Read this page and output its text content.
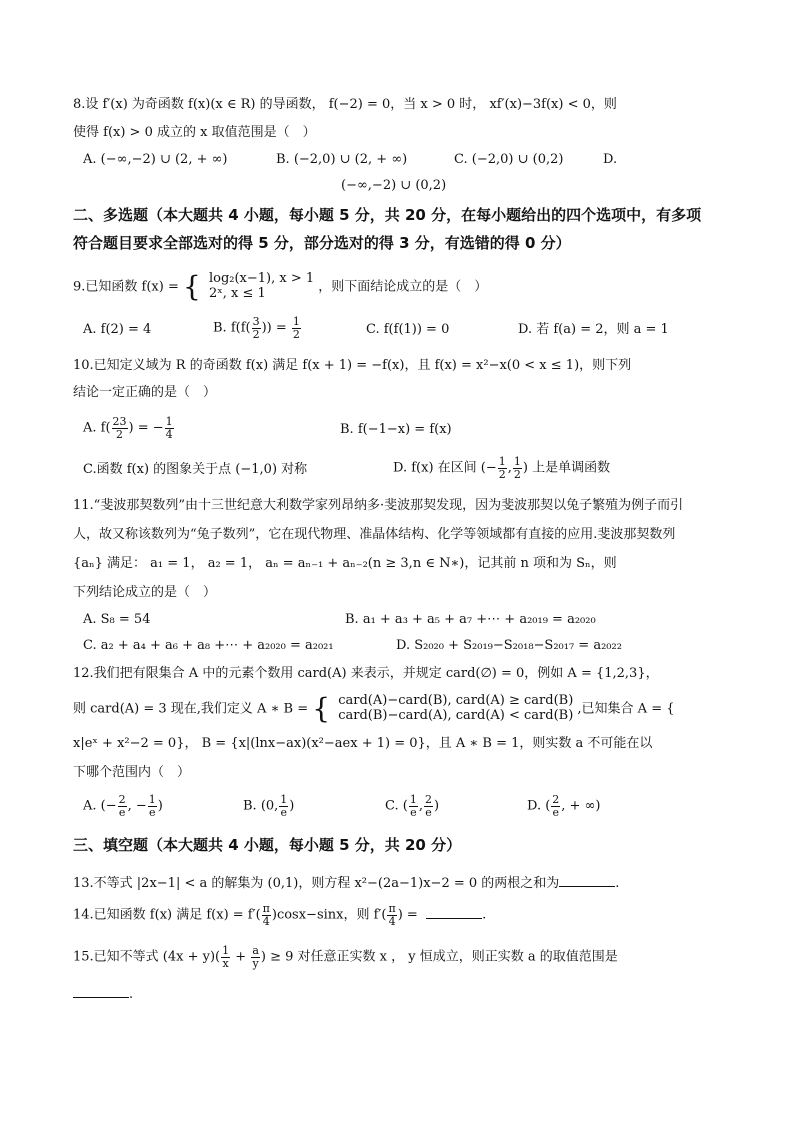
8.设 f′(x) 为奇函数 f(x)(x ∈ R) 的导函数， f(−2) = 0，当 x > 0 时， xf′(x)−3f(x) < 0，则
使得 f(x) > 0 成立的 x 取值范围是（　）
A. (−∞,−2) ∪ (2, + ∞)	B. (−2,0) ∪ (2, + ∞)	C. (−2,0) ∪ (0,2)	D.
(−∞,−2) ∪ (0,2)
二、多选题（本大题共 4 小题，每小题 5 分，共 20 分，在每小题给出的四个选项中，有多项
符合题目要求全部选对的得 5 分，部分选对的得 3 分，有选错的得 0 分）
9.已知函数 f(x) = { log₂(x−1), x > 1
2ˣ, x ≤ 1	，则下面结论成立的是（　）
A. f(2) = 4	B. $f(f( \frac{3}{2}$ )) = $\frac{1}{2}$	C. f(f(1)) = 0	D. 若 f(a) = 2，则 a = 1
10.已知定义域为 R 的奇函数 f(x) 满足 f(x + 1) = −f(x)，且 f(x) = x²−x(0 < x ≤ 1)，则下列
结论一定正确的是（　）
A. $f( \frac{23}{2}$ ) = − $\frac{1}{4}$	B. f(−1−x) = f(x)
C.函数 f(x) 的图象关于点 (−1,0) 对称	D. f(x) 在区间 (− $\frac{1}{2}$ , $\frac{1}{2}$ ) 上是单调函数
11.“斐波那契数列”由十三世纪意大利数学家列昂纳多·斐波那契发现，因为斐波那契以兔子繁殖为例子而引
人，故又称该数列为“兔子数列”，它在现代物理、准晶体结构、化学等领域都有直接的应用.斐波那契数列
{aₙ} 满足： a₁ = 1， a₂ = 1， aₙ = aₙ₋₁ + aₙ₋₂(n ≥ 3,n ∈ N∗)，记其前 n 项和为 Sₙ，则
下列结论成立的是（　）
A. S₈ = 54	B. a₁ + a₃ + a₅ + a₇ +⋯ + a₂₀₁₉ = a₂₀₂₀
C. a₂ + a₄ + a₆ + a₈ +⋯ + a₂₀₂₀ = a₂₀₂₁	D. S₂₀₂₀ + S₂₀₁₉−S₂₀₁₈−S₂₀₁₇ = a₂₀₂₂
12.我们把有限集合 A 中的元素个数用 card(A) 来表示，并规定 card(∅) = 0，例如 A = {1,2,3}，
则 card(A) = 3 现在,我们定义 A ∗ B = { card(A)−card(B), card(A) ≥ card(B)
card(B)−card(A), card(A) < card(B) ,已知集合 A = {
x|eˣ + x²−2 = 0}， B = {x|(lnx−ax)(x²−aex + 1) = 0}，且 A ∗ B = 1，则实数 a 不可能在以
下哪个范围内（　）
A. (− $\frac{2}{e}$ , − $\frac{1}{e}$ )	B. (0, $\frac{1}{e}$ )	C. ( $\frac{1}{e}$ , $\frac{2}{e}$ )	D. ( $\frac{2}{e}$ , + ∞)
三、填空题（本大题共 4 小题，每小题 5 分，共 20 分）
13.不等式 |2x−1| < a 的解集为 (0,1)，则方程 x²−(2a−1)x−2 = 0 的两根之和为	.
14.已知函数 f(x) 满足 $f(x) = f'( \frac{\pi}{4} )\cos x-\sin x$，则 $f'( \frac{\pi}{4}$ ) =	.
15.已知不等式 $(4x + y)( \frac{1}{x} + \frac{a}{y}$ ) ≥ 9 对任意正实数 x ， y 恒成立，则正实数 a 的取值范围是
.
